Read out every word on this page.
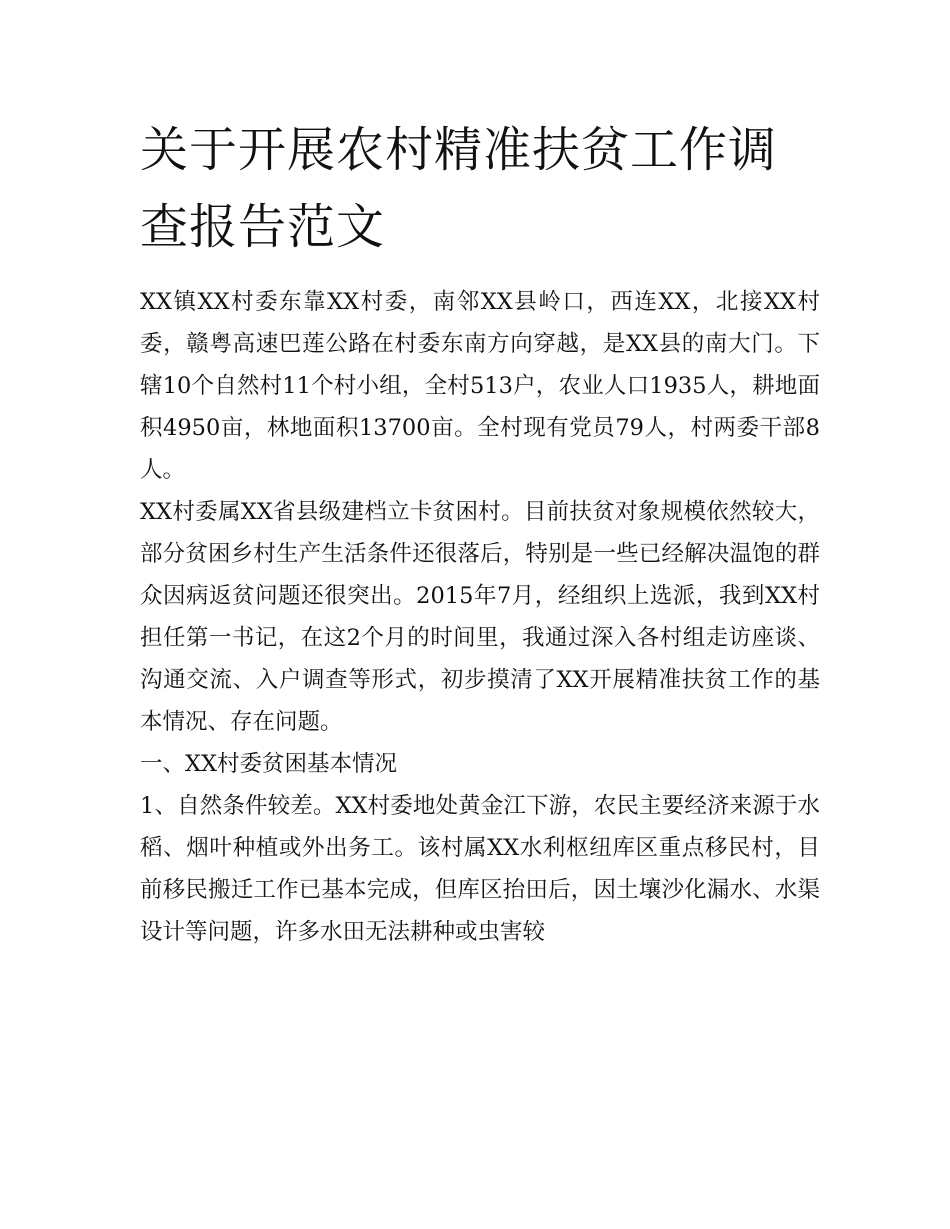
关于开展农村精准扶贫工作调查报告范文

XX镇XX村委东靠XX村委，南邻XX县岭口，西连XX，北接XX村委，赣粤高速巴莲公路在村委东南方向穿越，是XX县的南大门。下辖10个自然村11个村小组，全村513户，农业人口1935人，耕地面积4950亩，林地面积13700亩。全村现有党员79人，村两委干部8人。

XX村委属XX省县级建档立卡贫困村。目前扶贫对象规模依然较大，部分贫困乡村生产生活条件还很落后，特别是一些已经解决温饱的群众因病返贫问题还很突出。2015年7月，经组织上选派，我到XX村担任第一书记，在这2个月的时间里，我通过深入各村组走访座谈、沟通交流、入户调查等形式，初步摸清了XX开展精准扶贫工作的基本情况、存在问题。

一、XX村委贫困基本情况

1、自然条件较差。XX村委地处黄金江下游，农民主要经济来源于水稻、烟叶种植或外出务工。该村属XX水利枢纽库区重点移民村，目前移民搬迁工作已基本完成，但库区抬田后，因土壤沙化漏水、水渠设计等问题，许多水田无法耕种或虫害较
